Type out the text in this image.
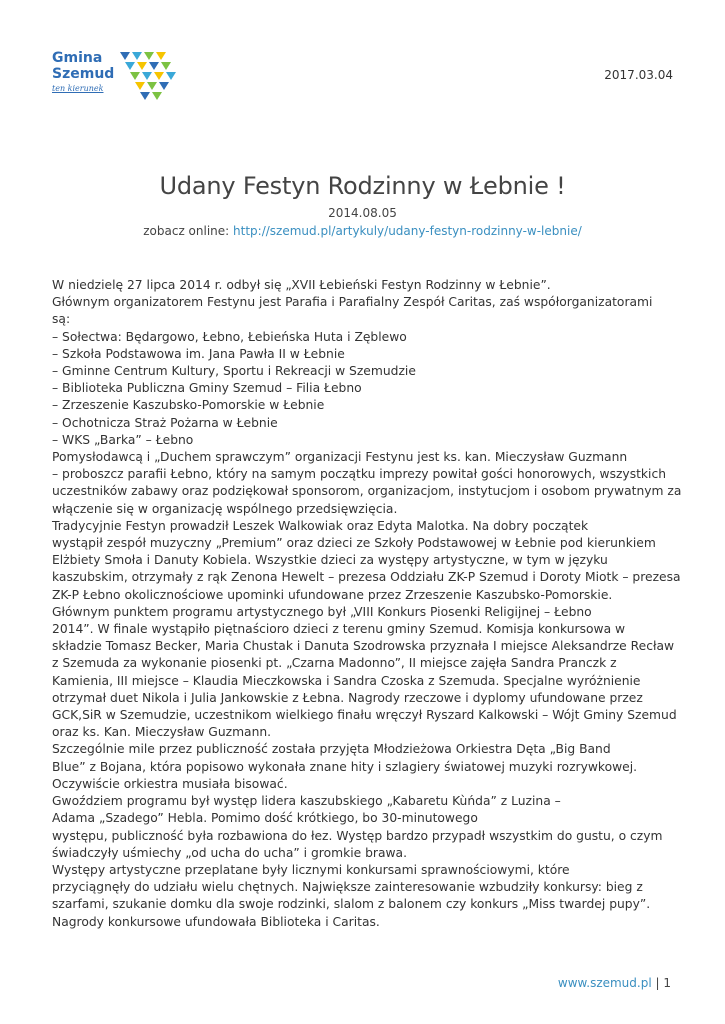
Gmina
Szemud
ten kierunek
2017.03.04
Udany Festyn Rodzinny w Łebnie !
2014.08.05
zobacz online: http://szemud.pl/artykuly/udany-festyn-rodzinny-w-lebnie/
W niedzielę 27 lipca 2014 r. odbył się „XVII Łebieński Festyn Rodzinny w Łebnie”.
Głównym organizatorem Festynu jest Parafia i Parafialny Zespół Caritas, zaś współorganizatorami
są:
– Sołectwa: Będargowo, Łebno, Łebieńska Huta i Zęblewo
– Szkoła Podstawowa im. Jana Pawła II w Łebnie
– Gminne Centrum Kultury, Sportu i Rekreacji w Szemudzie
– Biblioteka Publiczna Gminy Szemud – Filia Łebno
– Zrzeszenie Kaszubsko-Pomorskie w Łebnie
– Ochotnicza Straż Pożarna w Łebnie
– WKS „Barka” – Łebno
Pomysłodawcą i „Duchem sprawczym” organizacji Festynu jest ks. kan. Mieczysław Guzmann
– proboszcz parafii Łebno, który na samym początku imprezy powitał gości honorowych, wszystkich
uczestników zabawy oraz podziękował sponsorom, organizacjom, instytucjom i osobom prywatnym za
włączenie się w organizację wspólnego przedsięwzięcia.
Tradycyjnie Festyn prowadził Leszek Walkowiak oraz Edyta Malotka. Na dobry początek
wystąpił zespół muzyczny „Premium” oraz dzieci ze Szkoły Podstawowej w Łebnie pod kierunkiem
Elżbiety Smoła i Danuty Kobiela. Wszystkie dzieci za występy artystyczne, w tym w języku
kaszubskim, otrzymały z rąk Zenona Hewelt – prezesa Oddziału ZK-P Szemud i Doroty Miotk – prezesa
ZK-P Łebno okolicznościowe upominki ufundowane przez Zrzeszenie Kaszubsko-Pomorskie.
Głównym punktem programu artystycznego był „VIII Konkurs Piosenki Religijnej – Łebno
2014”. W finale wystąpiło piętnaścioro dzieci z terenu gminy Szemud. Komisja konkursowa w
składzie Tomasz Becker, Maria Chustak i Danuta Szodrowska przyznała I miejsce Aleksandrze Recław
z Szemuda za wykonanie piosenki pt. „Czarna Madonno”, II miejsce zajęła Sandra Pranczk z
Kamienia, III miejsce – Klaudia Mieczkowska i Sandra Czoska z Szemuda. Specjalne wyróżnienie
otrzymał duet Nikola i Julia Jankowskie z Łebna. Nagrody rzeczowe i dyplomy ufundowane przez
GCK,SiR w Szemudzie, uczestnikom wielkiego finału wręczył Ryszard Kalkowski – Wójt Gminy Szemud
oraz ks. Kan. Mieczysław Guzmann.
Szczególnie mile przez publiczność została przyjęta Młodzieżowa Orkiestra Dęta „Big Band
Blue” z Bojana, która popisowo wykonała znane hity i szlagiery światowej muzyki rozrywkowej.
Oczywiście orkiestra musiała bisować.
Gwoździem programu był występ lidera kaszubskiego „Kabaretu Kùńda” z Luzina –
Adama „Szadego” Hebla. Pomimo dość krótkiego, bo 30-minutowego
występu, publiczność była rozbawiona do łez. Występ bardzo przypadł wszystkim do gustu, o czym
świadczyły uśmiechy „od ucha do ucha” i gromkie brawa.
Występy artystyczne przeplatane były licznymi konkursami sprawnościowymi, które
przyciągnęły do udziału wielu chętnych. Największe zainteresowanie wzbudziły konkursy: bieg z
szarfami, szukanie domku dla swoje rodzinki, slalom z balonem czy konkurs „Miss twardej pupy”.
Nagrody konkursowe ufundowała Biblioteka i Caritas.
www.szemud.pl | 1
